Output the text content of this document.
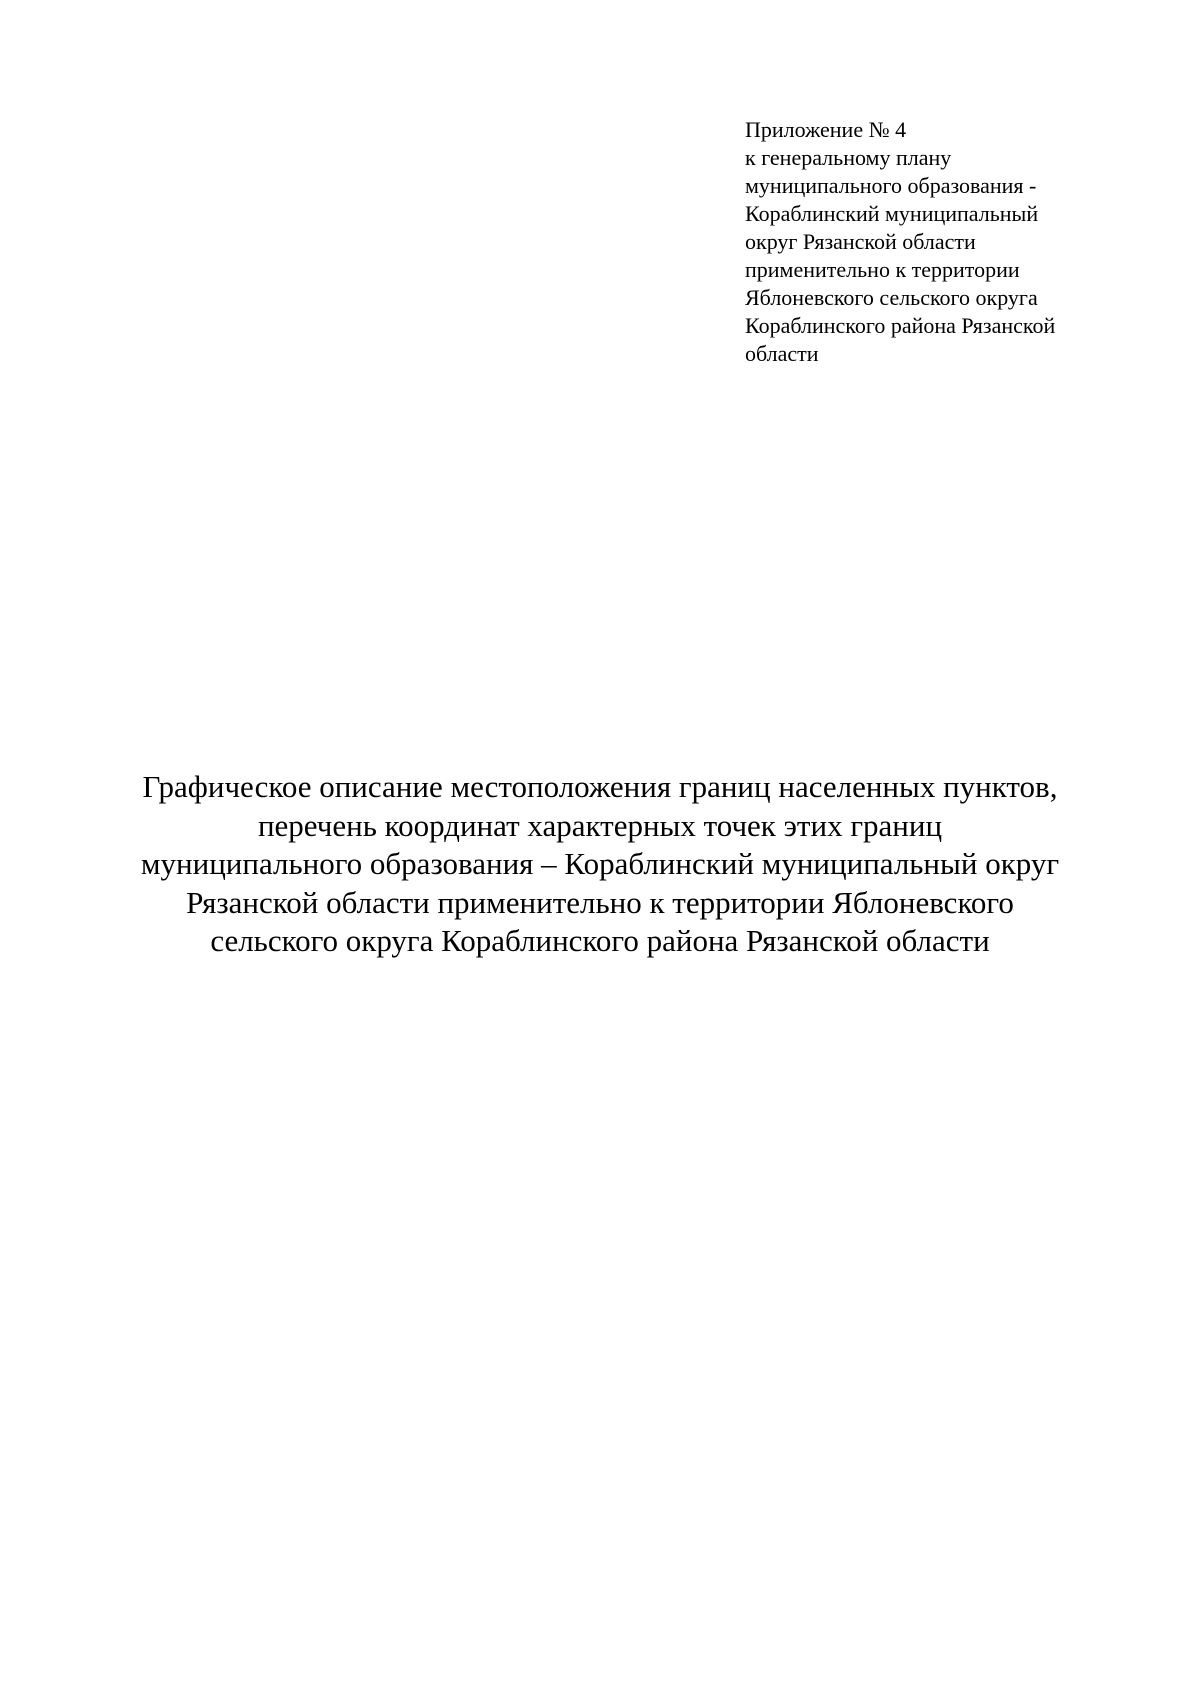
Приложение № 4
к генеральному плану
муниципального образования -
Кораблинский муниципальный
округ Рязанской области
применительно к территории
Яблоневского сельского округа
Кораблинского района Рязанской
области
Графическое описание местоположения границ населенных пунктов,
перечень координат характерных точек этих границ
муниципального образования – Кораблинский муниципальный округ
Рязанской области применительно к территории Яблоневского
сельского округа Кораблинского района Рязанской области
